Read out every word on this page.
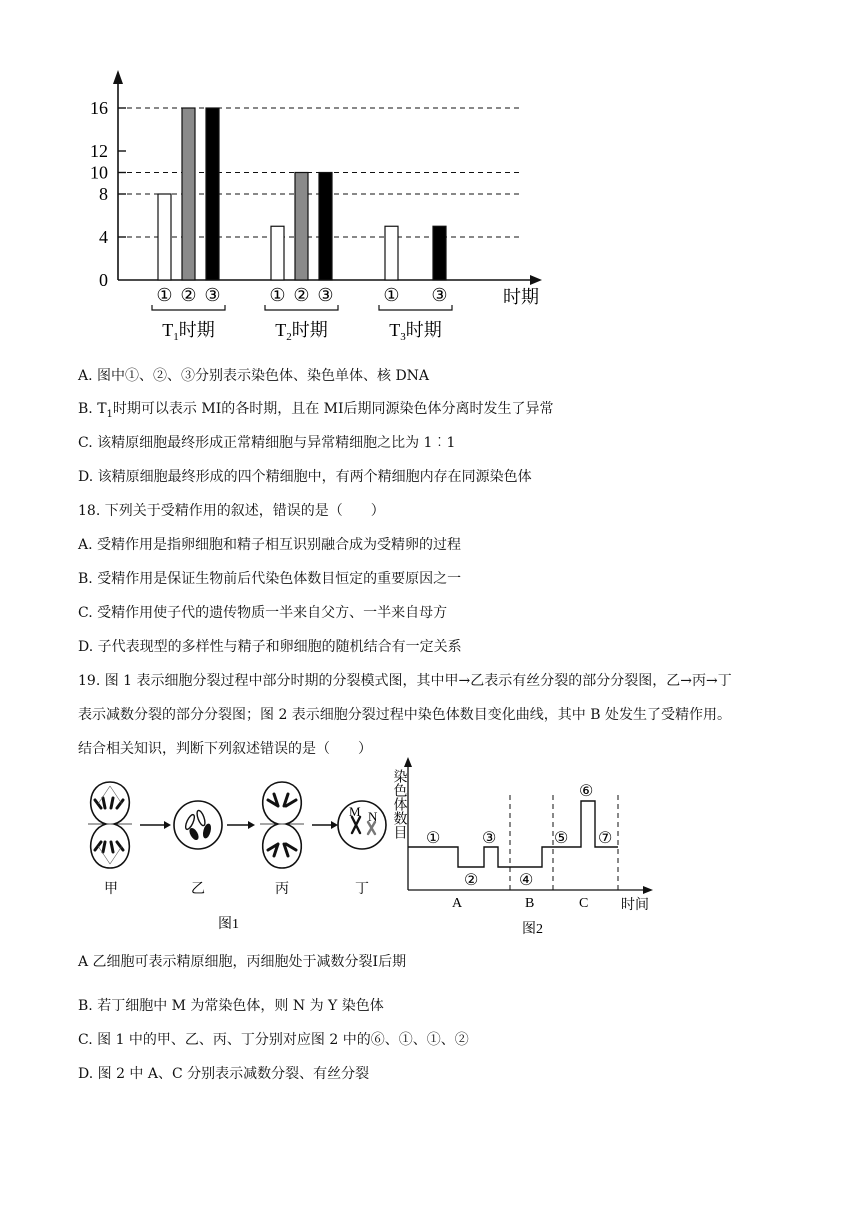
0
4
8
10
12
16
① ② ③
$T_1$时期
① ② ③
$T_2$时期
① ③
$T_3$时期
时期
A. 图中①、②、③分别表示染色体、染色单体、核 DNA
B. $T_1$时期可以表示 MⅠ的各时期，且在 MⅠ后期同源染色体分离时发生了异常
C. 该精原细胞最终形成正常精细胞与异常精细胞之比为 1︰1
D. 该精原细胞最终形成的四个精细胞中，有两个精细胞内存在同源染色体
18. 下列关于受精作用的叙述，错误的是（　　）
A. 受精作用是指卵细胞和精子相互识别融合成为受精卵的过程
B. 受精作用是保证生物前后代染色体数目恒定的重要原因之一
C. 受精作用使子代的遗传物质一半来自父方、一半来自母方
D. 子代表现型的多样性与精子和卵细胞的随机结合有一定关系
19. 图 1 表示细胞分裂过程中部分时期的分裂模式图，其中甲→乙表示有丝分裂的部分分裂图，乙→丙→丁
表示减数分裂的部分分裂图；图 2 表示细胞分裂过程中染色体数目变化曲线，其中 B 处发生了受精作用。
结合相关知识，判断下列叙述错误的是（　　）
M N
甲	乙	丙	丁
图1
染色体数目 ①
②
③
④
⑤
⑥
⑦
A	B	C 时间
图2
A 乙细胞可表示精原细胞，丙细胞处于减数分裂Ⅰ后期
B. 若丁细胞中 M 为常染色体，则 N 为 Y 染色体
C. 图 1 中的甲、乙、丙、丁分别对应图 2 中的⑥、①、①、②
D. 图 2 中 A、C 分别表示减数分裂、有丝分裂
